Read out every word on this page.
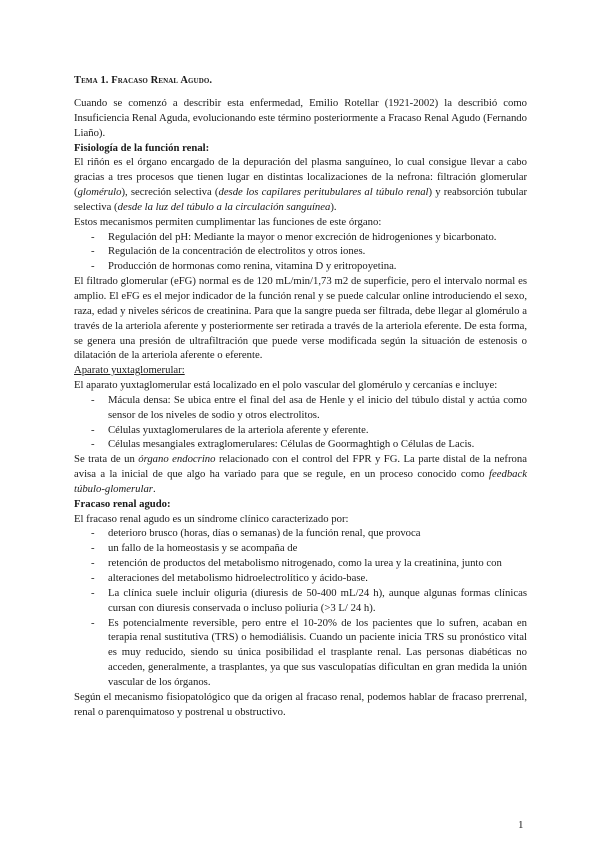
Tema 1. Fracaso Renal Agudo.

Cuando se comenzó a describir esta enfermedad, Emilio Rotellar (1921-2002) la describió como Insuficiencia Renal Aguda, evolucionando este término posteriormente a Fracaso Renal Agudo (Fernando Liaño).

Fisiología de la función renal:

El riñón es el órgano encargado de la depuración del plasma sanguíneo, lo cual consigue llevar a cabo gracias a tres procesos que tienen lugar en distintas localizaciones de la nefrona: filtración glomerular (glomérulo), secreción selectiva (desde los capilares peritubulares al túbulo renal) y reabsorción tubular selectiva (desde la luz del túbulo a la circulación sanguínea).

Estos mecanismos permiten cumplimentar las funciones de este órgano:

- Regulación del pH: Mediante la mayor o menor excreción de hidrogeniones y bicarbonato.
- Regulación de la concentración de electrolitos y otros iones.
- Producción de hormonas como renina, vitamina D y eritropoyetina.

El filtrado glomerular (eFG) normal es de 120 mL/min/1,73 m2 de superficie, pero el intervalo normal es amplio. El eFG es el mejor indicador de la función renal y se puede calcular online introduciendo el sexo, raza, edad y niveles séricos de creatinina. Para que la sangre pueda ser filtrada, debe llegar al glomérulo a través de la arteriola aferente y posteriormente ser retirada a través de la arteriola eferente. De esta forma, se genera una presión de ultrafiltración que puede verse modificada según la situación de estenosis o dilatación de la arteriola aferente o eferente.

Aparato yuxtaglomerular:

El aparato yuxtaglomerular está localizado en el polo vascular del glomérulo y cercanías e incluye:

- Mácula densa: Se ubica entre el final del asa de Henle y el inicio del túbulo distal y actúa como sensor de los niveles de sodio y otros electrolitos.
- Células yuxtaglomerulares de la arteriola aferente y eferente.
- Células mesangiales extraglomerulares: Células de Goormaghtigh o Células de Lacis.

Se trata de un órgano endocrino relacionado con el control del FPR y FG. La parte distal de la nefrona avisa a la inicial de que algo ha variado para que se regule, en un proceso conocido como feedback túbulo-glomerular.

Fracaso renal agudo:

El fracaso renal agudo es un síndrome clínico caracterizado por:

- deterioro brusco (horas, días o semanas) de la función renal, que provoca
- un fallo de la homeostasis y se acompaña de
- retención de productos del metabolismo nitrogenado, como la urea y la creatinina, junto con
- alteraciones del metabolismo hidroelectrolítico y ácido-base.
- La clínica suele incluir oliguria (diuresis de 50-400 mL/24 h), aunque algunas formas clínicas cursan con diuresis conservada o incluso poliuria (>3 L/ 24 h).
- Es potencialmente reversible, pero entre el 10-20% de los pacientes que lo sufren, acaban en terapia renal sustitutiva (TRS) o hemodiálisis. Cuando un paciente inicia TRS su pronóstico vital es muy reducido, siendo su única posibilidad el trasplante renal. Las personas diabéticas no acceden, generalmente, a trasplantes, ya que sus vasculopatías dificultan en gran medida la unión vascular de los órganos.

Según el mecanismo fisiopatológico que da origen al fracaso renal, podemos hablar de fracaso prerrenal, renal o parenquimatoso y postrenal u obstructivo.

1
